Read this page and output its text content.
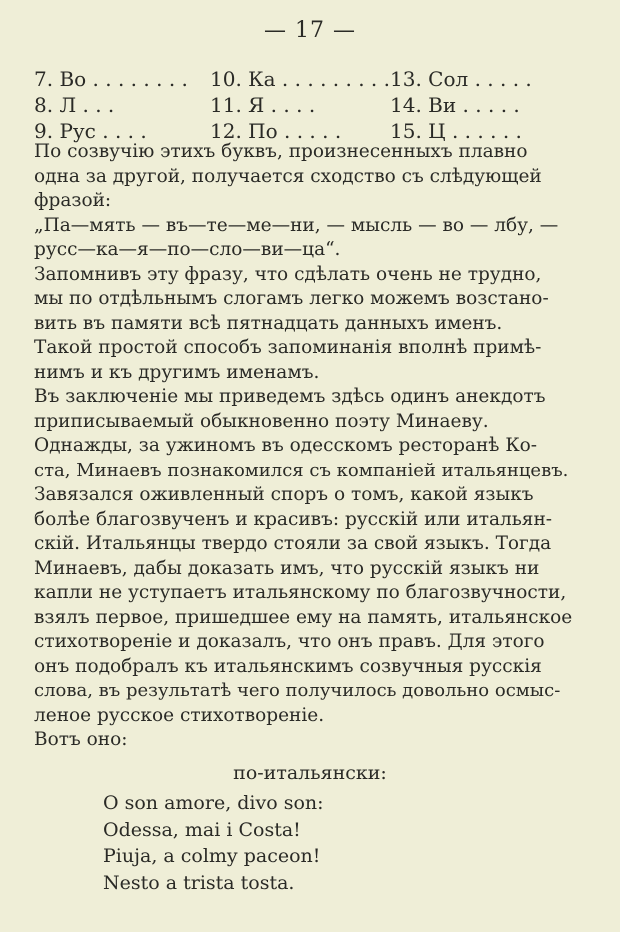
— 17 —
7. Во . . . . . . . .	10. Ка . . . . . . . . . 13. Сол . . . . .
8. Л . . .	11. Я . . . .	14. Ви . . . . .
9. Рус . . . .	12. По . . . . .	15. Ц . . . . . .
По созвучію этихъ буквъ, произнесенныхъ плавно
одна за другой, получается сходство съ слѣдующей
фразой:
„Па—мять — въ—те—ме—ни, — мысль — во — лбу, —
русс—ка—я—по—сло—ви—ца“.
Запомнивъ эту фразу, что сдѣлать очень не трудно,
мы по отдѣльнымъ слогамъ легко можемъ возстано-
вить въ памяти всѣ пятнадцать данныхъ именъ.
Такой простой способъ запоминанія вполнѣ примѣ-
нимъ и къ другимъ именамъ.
Въ заключеніе мы приведемъ здѣсь одинъ анекдотъ
приписываемый обыкновенно поэту Минаеву.
Однажды, за ужиномъ въ одесскомъ ресторанѣ Ко-
ста, Минаевъ познакомился съ компаніей итальянцевъ.
Завязался оживленный споръ о томъ, какой языкъ
болѣе благозвученъ и красивъ: русскій или итальян-
скій. Итальянцы твердо стояли за свой языкъ. Тогда
Минаевъ, дабы доказать имъ, что русскій языкъ ни
капли не уступаетъ итальянскому по благозвучности,
взялъ первое, пришедшее ему на память, итальянское
стихотвореніе и доказалъ, что онъ правъ. Для этого
онъ подобралъ къ итальянскимъ созвучныя русскія
слова, въ результатѣ чего получилось довольно осмыс-
леное русское стихотвореніе.
Вотъ оно:
по-итальянски:
O son amore, divo son:
Odessa, mai i Costa!
Piuja, a colmy paceon!
Nesto a trista tosta.
